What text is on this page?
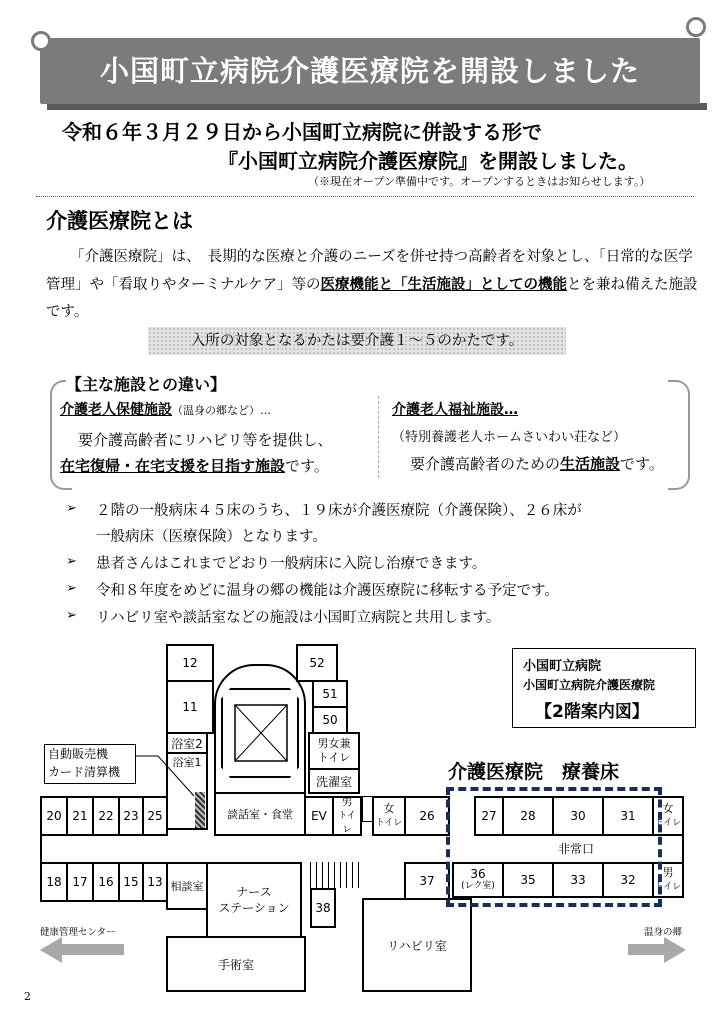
小国町立病院介護医療院を開設しました
令和６年３月２９日から小国町立病院に併設する形で
『小国町立病院介護医療院』を開設しました。
（※現在オープン準備中です。オープンするときはお知らせします。）
介護医療院とは
「介護医療院」は、　長期的な医療と介護のニーズを併せ持つ高齢者を対象とし、「日常的な医学管理」や「看取りやターミナルケア」等の医療機能と「生活施設」としての機能とを兼ね備えた施設です。
入所の対象となるかたは要介護１～５のかたです。
【主な施設との違い】
介護老人保健施設（温身の郷など）…
要介護高齢者にリハビリ等を提供し、
在宅復帰・在宅支援を目指す施設です。
介護老人福祉施設…
（特別養護老人ホームさいわい荘など）
要介護高齢者のための生活施設です。
➢ ２階の一般病床４５床のうち、１９床が介護医療院（介護保険）、２６床が
一般病床（医療保険）となります。
➢ 患者さんはこれまでどおり一般病床に入院し治療できます。
➢ 令和８年度をめどに温身の郷の機能は介護医療院に移転する予定です。
➢ リハビリ室や談話室などの施設は小国町立病院と共用します。
12
11
浴室2
浴室1
52
51
50
男女兼
トイレ
洗濯室
自動販売機
カード清算機
20 21 22 23 25	談話室・食堂	EV
男
トイレ
女
トイレ	26	27	28	30	31
女
トイレ
非常口
18 17 16 15 13 相談室	ナース
ステーション
手術室
38
リハビリ室
37	36
(レク室)	35	33	32
男
トイレ
介護医療院　療養床
小国町立病院
小国町立病院介護医療院
【2階案内図】
健康管理センター	温身の郷
2
